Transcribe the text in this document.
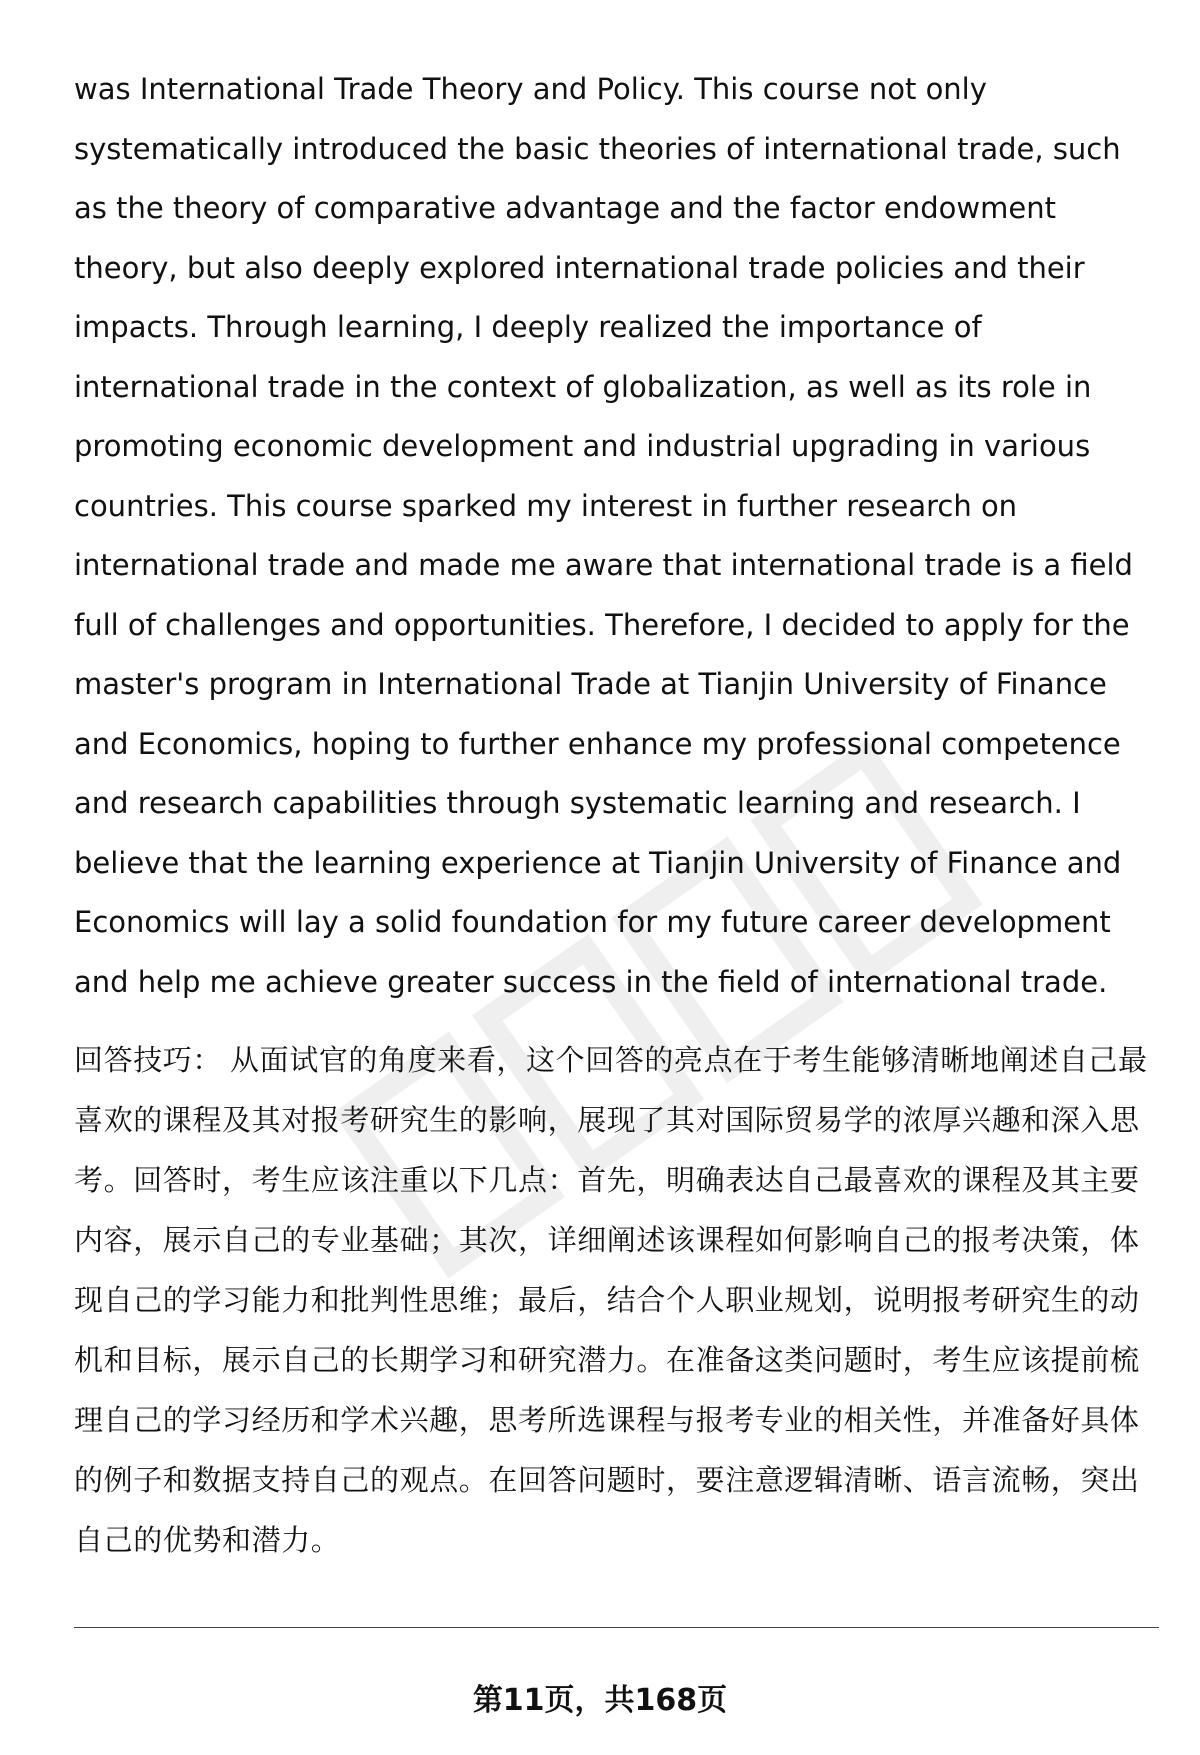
was International Trade Theory and Policy. This course not only systematically introduced the basic theories of international trade, such as the theory of comparative advantage and the factor endowment theory, but also deeply explored international trade policies and their impacts. Through learning, I deeply realized the importance of international trade in the context of globalization, as well as its role in promoting economic development and industrial upgrading in various countries. This course sparked my interest in further research on international trade and made me aware that international trade is a field full of challenges and opportunities. Therefore, I decided to apply for the master's program in International Trade at Tianjin University of Finance and Economics, hoping to further enhance my professional competence and research capabilities through systematic learning and research. I believe that the learning experience at Tianjin University of Finance and Economics will lay a solid foundation for my future career development and help me achieve greater success in the field of international trade.

回答技巧： 从面试官的角度来看，这个回答的亮点在于考生能够清晰地阐述自己最喜欢的课程及其对报考研究生的影响，展现了其对国际贸易学的浓厚兴趣和深入思考。回答时，考生应该注重以下几点：首先，明确表达自己最喜欢的课程及其主要内容，展示自己的专业基础；其次，详细阐述该课程如何影响自己的报考决策，体现自己的学习能力和批判性思维；最后，结合个人职业规划，说明报考研究生的动机和目标，展示自己的长期学习和研究潜力。在准备这类问题时，考生应该提前梳理自己的学习经历和学术兴趣，思考所选课程与报考专业的相关性，并准备好具体的例子和数据支持自己的观点。在回答问题时，要注意逻辑清晰、语言流畅，突出自己的优势和潜力。

第11页，共168页
